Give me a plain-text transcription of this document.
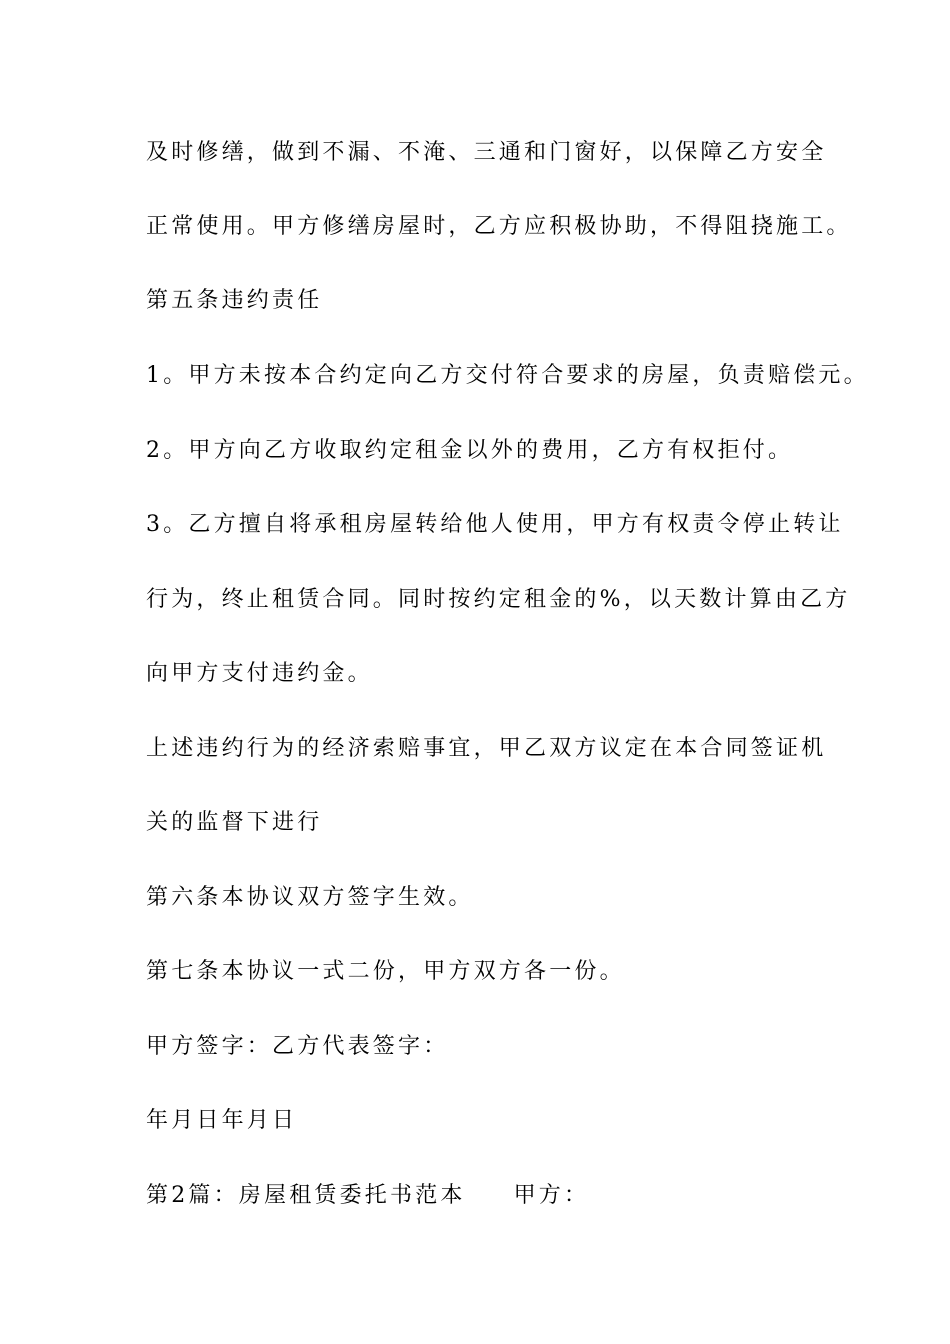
及时修缮，做到不漏、不淹、三通和门窗好，以保障乙方安全

正常使用。甲方修缮房屋时，乙方应积极协助，不得阻挠施工。

第五条违约责任

1。甲方未按本合约定向乙方交付符合要求的房屋，负责赔偿元。

2。甲方向乙方收取约定租金以外的费用，乙方有权拒付。

3。乙方擅自将承租房屋转给他人使用，甲方有权责令停止转让

行为，终止租赁合同。同时按约定租金的%，以天数计算由乙方

向甲方支付违约金。

上述违约行为的经济索赔事宜，甲乙双方议定在本合同签证机

关的监督下进行

第六条本协议双方签字生效。

第七条本协议一式二份，甲方双方各一份。

甲方签字：乙方代表签字：

年月日年月日

第2篇：房屋租赁委托书范本 甲方：
